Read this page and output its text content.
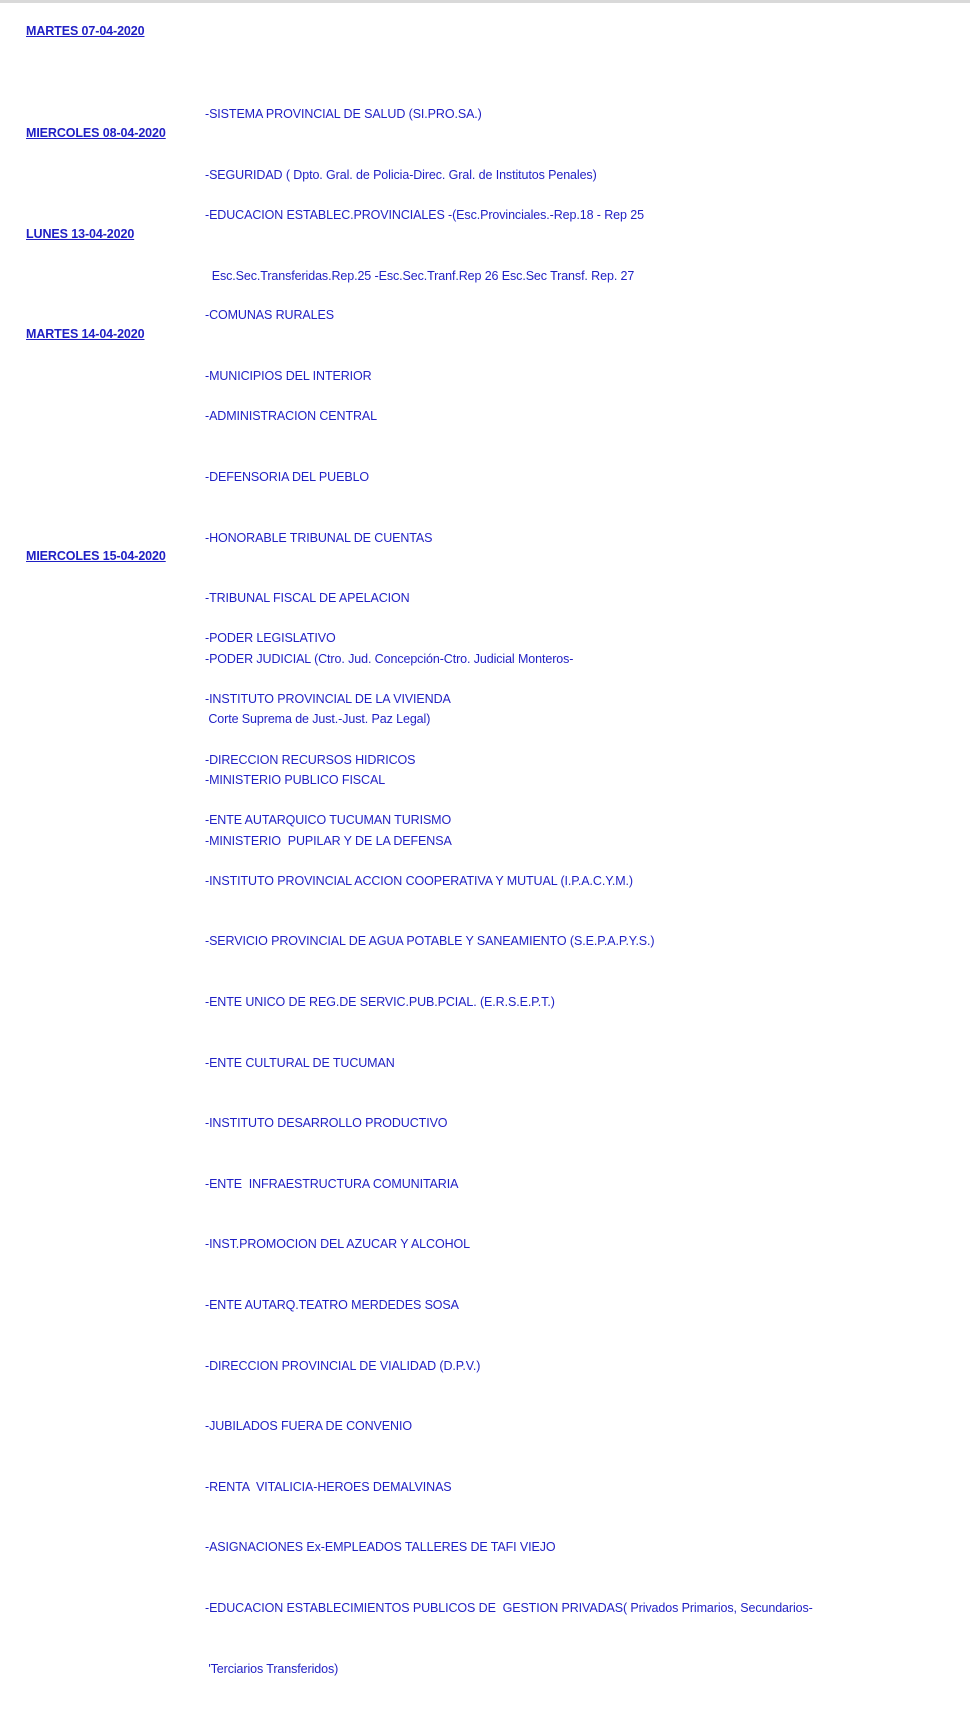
MARTES 07-04-2020

-SISTEMA PROVINCIAL DE SALUD (SI.PRO.SA.)

-SEGURIDAD ( Dpto. Gral. de Policia-Direc. Gral. de Institutos Penales)

MIERCOLES 08-04-2020

-EDUCACION ESTABLEC.PROVINCIALES -(Esc.Provinciales.-Rep.18 - Rep 25

Esc.Sec.Transferidas.Rep.25 -Esc.Sec.Tranf.Rep 26 Esc.Sec Transf. Rep. 27

LUNES 13-04-2020

-COMUNAS RURALES

-MUNICIPIOS DEL INTERIOR

MARTES 14-04-2020

-ADMINISTRACION CENTRAL

-DEFENSORIA DEL PUEBLO

-HONORABLE TRIBUNAL DE CUENTAS

-TRIBUNAL FISCAL DE APELACION

-PODER JUDICIAL (Ctro. Jud. Concepción-Ctro. Judicial Monteros-

Corte Suprema de Just.-Just. Paz Legal)

-MINISTERIO PUBLICO FISCAL

-MINISTERIO  PUPILAR Y DE LA DEFENSA

MIERCOLES 15-04-2020

-PODER LEGISLATIVO

-INSTITUTO PROVINCIAL DE LA VIVIENDA

-DIRECCION RECURSOS HIDRICOS

-ENTE AUTARQUICO TUCUMAN TURISMO

-INSTITUTO PROVINCIAL ACCION COOPERATIVA Y MUTUAL (I.P.A.C.Y.M.)

-SERVICIO PROVINCIAL DE AGUA POTABLE Y SANEAMIENTO (S.E.P.A.P.Y.S.)

-ENTE UNICO DE REG.DE SERVIC.PUB.PCIAL. (E.R.S.E.P.T.)

-ENTE CULTURAL DE TUCUMAN

-INSTITUTO DESARROLLO PRODUCTIVO

-ENTE  INFRAESTRUCTURA COMUNITARIA

-INST.PROMOCION DEL AZUCAR Y ALCOHOL

-ENTE AUTARQ.TEATRO MERDEDES SOSA

-DIRECCION PROVINCIAL DE VIALIDAD (D.P.V.)

-JUBILADOS FUERA DE CONVENIO

-RENTA  VITALICIA-HEROES DEMALVINAS

-ASIGNACIONES Ex-EMPLEADOS TALLERES DE TAFI VIEJO

-EDUCACION ESTABLECIMIENTOS PUBLICOS DE  GESTION PRIVADAS( Privados Primarios, Secundarios-

'Terciarios Transferidos)
